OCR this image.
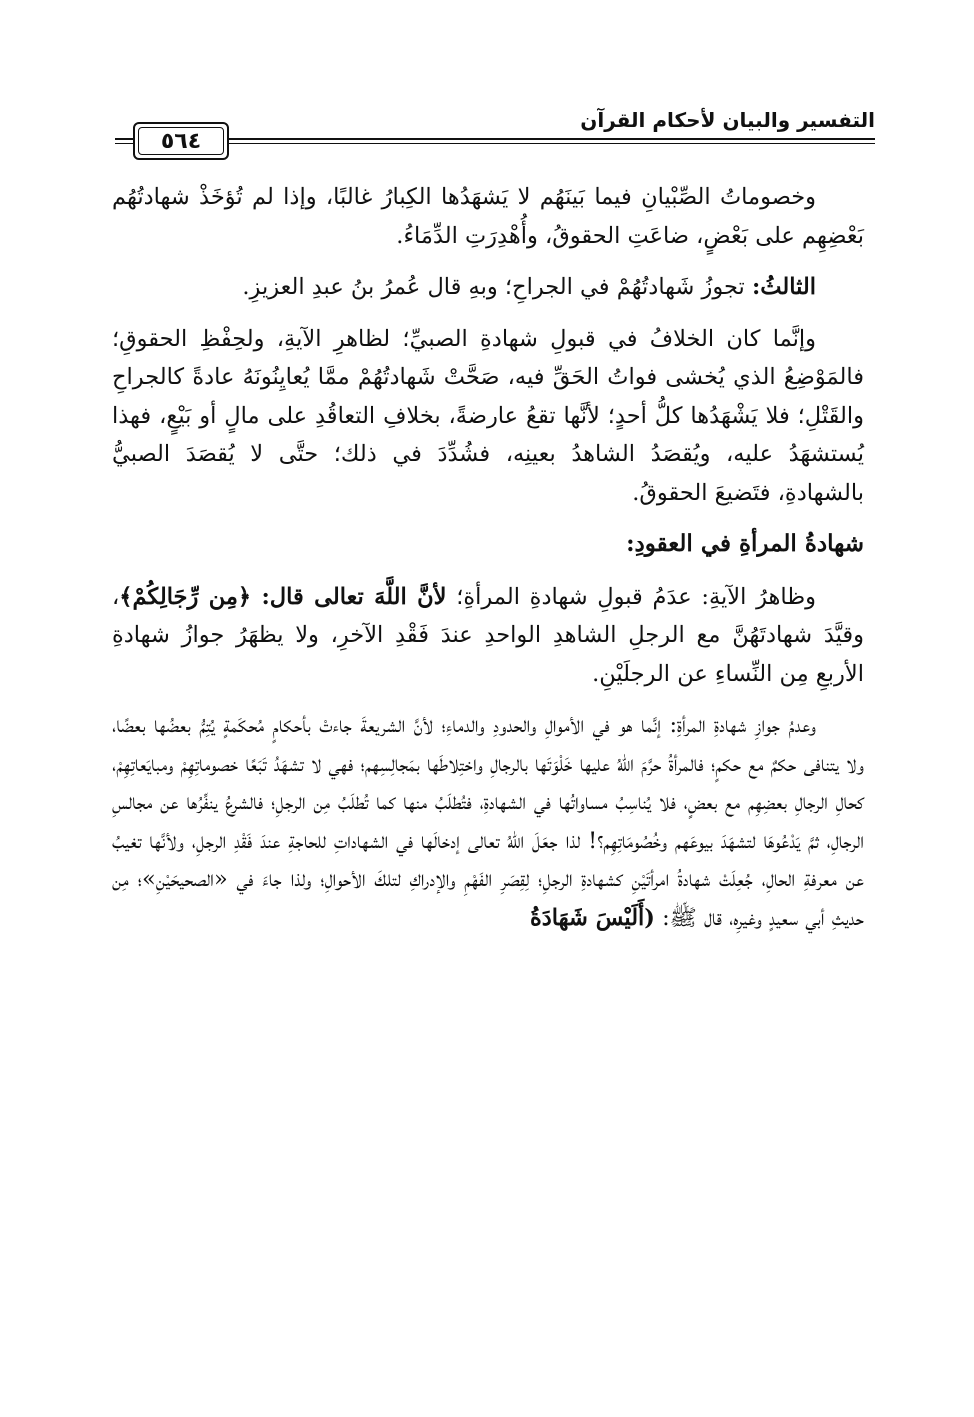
التفسير والبيان لأحكام القرآن
٥٦٤

وخصوماتُ الصِّبْيانِ فيما بَينَهُم لا يَشهَدُها الكِبارُ غالبًا، وإذا لم تُؤخَذْ شهادتُهُم بَعْضِهِم على بَعْضٍ، ضاعَتِ الحقوقُ، وأُهْدِرَتِ الدِّمَاءُ.

الثالثُ: تجوزُ شَهادتُهُمْ في الجراحِ؛ وبهِ قال عُمرُ بنُ عبدِ العزيزِ.

وإنَّما كان الخلافُ في قبولِ شهادةِ الصبيِّ؛ لظاهرِ الآيةِ، ولحِفْظِ الحقوقِ؛ فالمَوْضِعُ الذي يُخشى فواتُ الحَقِّ فيه، صَحَّتْ شَهادتُهُمْ ممَّا يُعايِنُونَهُ عادةً كالجراحِ والقَتْلِ؛ فلا يَشْهَدُها كلُّ أحدٍ؛ لأنَّها تقعُ عارضةً، بخلافِ التعاقُدِ على مالٍ أو بَيْعٍ، فهذا يُستشهَدُ عليه، ويُقصَدُ الشاهدُ بعينِه، فشُدِّدَ في ذلك؛ حتَّى لا يُقصَدَ الصبيُّ بالشهادةِ، فتَضيعَ الحقوقُ.

شهادةُ المرأةِ في العقودِ:

وظاهرُ الآيةِ: عدَمُ قبولِ شهادةِ المرأةِ؛ لأنَّ اللَّهَ تعالى قال: ﴿مِن رِّجَالِكُمْ﴾، وقيَّدَ شهادتَهُنَّ مع الرجلِ الشاهدِ الواحدِ عندَ فَقْدِ الآخرِ، ولا يظهَرُ جوازُ شهادةِ الأربعِ مِن النِّساءِ عن الرجلَيْنِ.

وعدمُ جوازِ شهادةِ المرأةِ: إنَّما هو في الأموالِ والحدودِ والدماءِ؛ لأنَّ الشريعةَ جاءتْ بأحكامٍ مُحكَمةٍ يُتِمُّ بعضُها بعضًا، ولا يتنافى حكمٌ مع حكمٍ؛ فالمرأةُ حرَّمَ اللهُ عليها خَلْوَتَها بالرجالِ واختِلاطَها بمَجالِسِهم؛ فهي لا تشهَدُ تَبَعًا خصوماتِهِمْ ومبايَعاتِهِمْ، كحالِ الرجالِ بعضِهِم مع بعضٍ، فلا يُناسِبُ مساواتُها في الشهادةِ، فتُطلَبُ منها كما تُطلَبُ مِن الرجلِ؛ فالشرعُ ينفِّرُها عن مجالسِ الرجالِ، ثمَّ يَدْعُوهَا لتشهَدَ بيوعَهم وخُصُومَاتِهِم؟! لذا جعَلَ اللهُ تعالى إدخالَها في الشهاداتِ للحاجةِ عندَ فَقْدِ الرجلِ، ولأنَّها تغيبُ عن معرفةِ الحالِ، جُعِلَتْ شهادةُ امرأتَيْنِ كشهادةِ الرجلِ؛ لِقِصَرِ الفَهْمِ والإدراكِ لتلكَ الأحوالِ؛ ولذا جاءَ في «الصحيحَيْنِ»؛ مِن حديثِ أبي سعيدٍ وغيرِه، قال ﷺ: (أَلَيْسَ شَهَادَةُ
